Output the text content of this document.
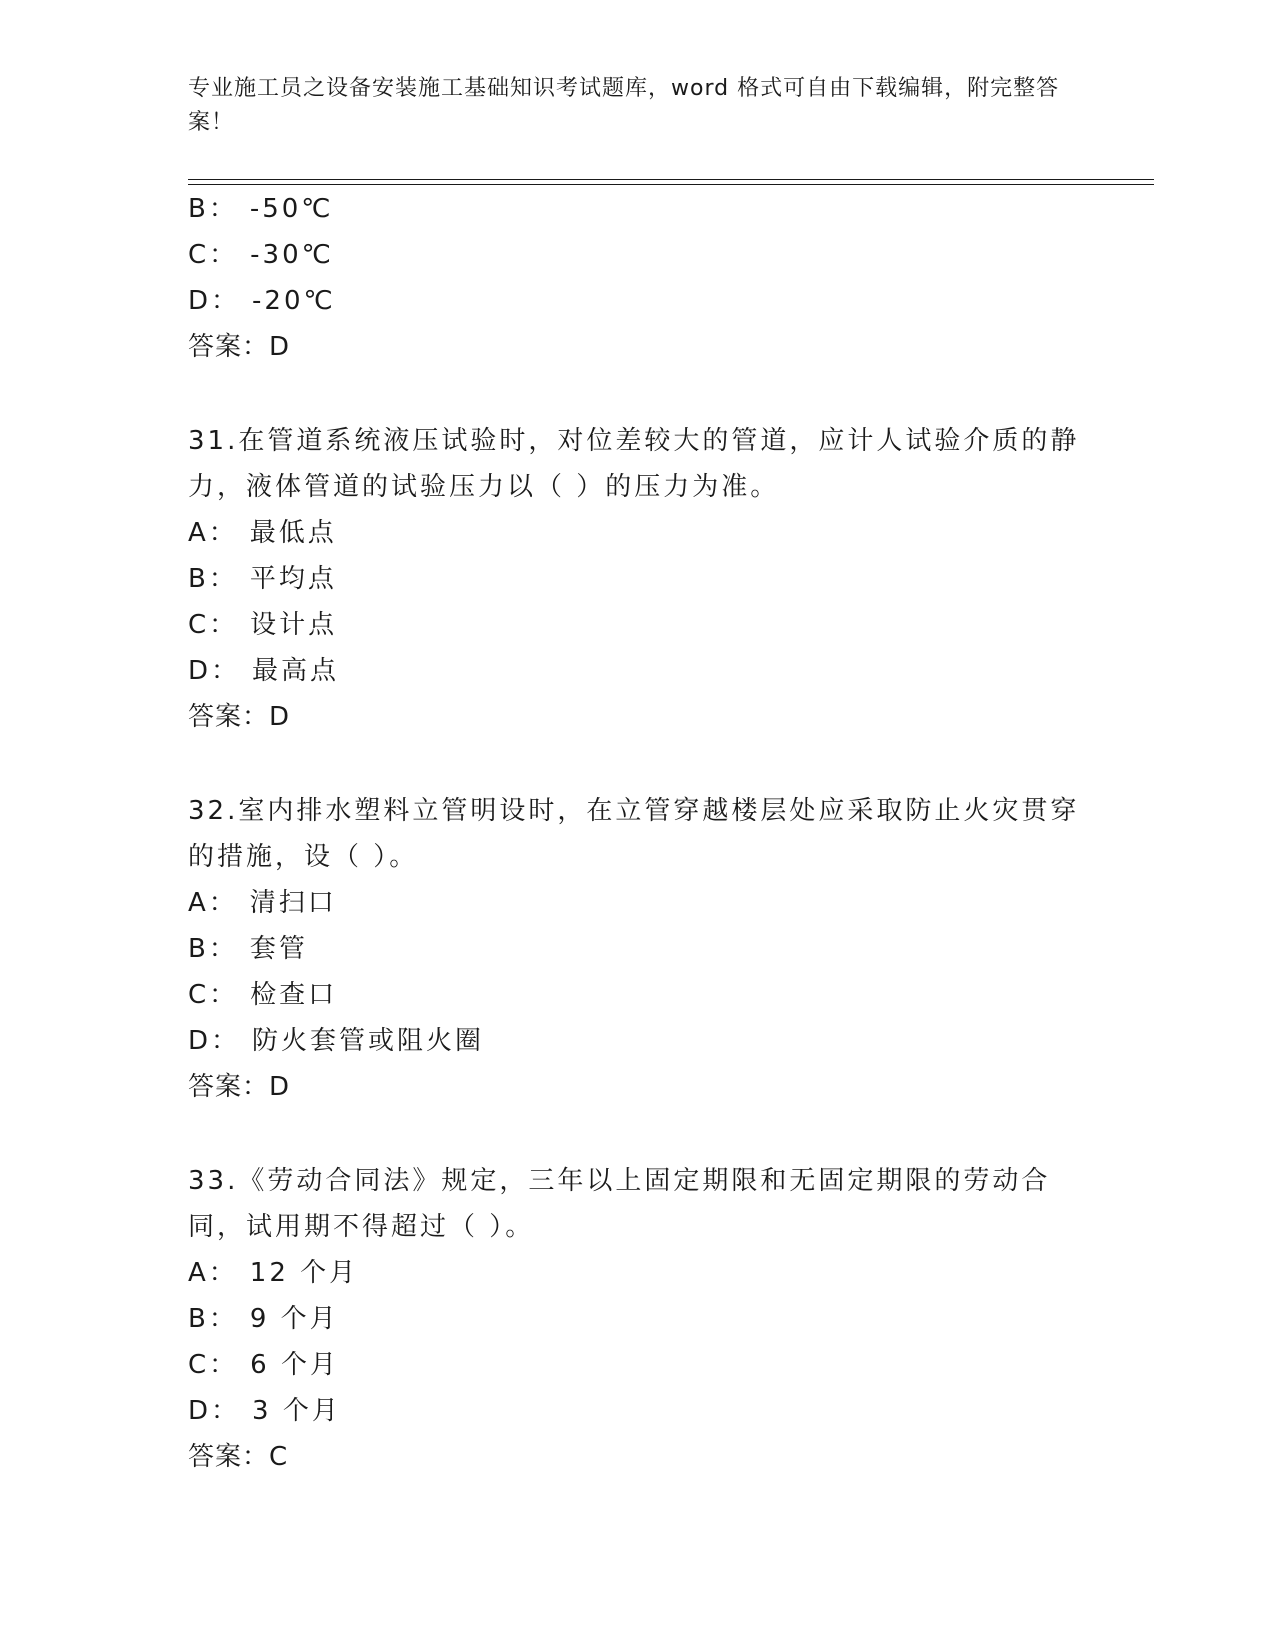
专业施工员之设备安装施工基础知识考试题库，word 格式可自由下载编辑，附完整答案！
B： -50℃
C： -30℃
D： -20℃
答案：D
31.在管道系统液压试验时，对位差较大的管道，应计人试验介质的静力，液体管道的试验压力以（ ）的压力为准。
A： 最低点
B： 平均点
C： 设计点
D： 最高点
答案：D
32.室内排水塑料立管明设时，在立管穿越楼层处应采取防止火灾贯穿的措施，设（ ）。
A： 清扫口
B： 套管
C： 检查口
D： 防火套管或阻火圈
答案：D
33.《劳动合同法》规定，三年以上固定期限和无固定期限的劳动合同，试用期不得超过（ ）。
A： 12 个月
B： 9 个月
C： 6 个月
D： 3 个月
答案：C
